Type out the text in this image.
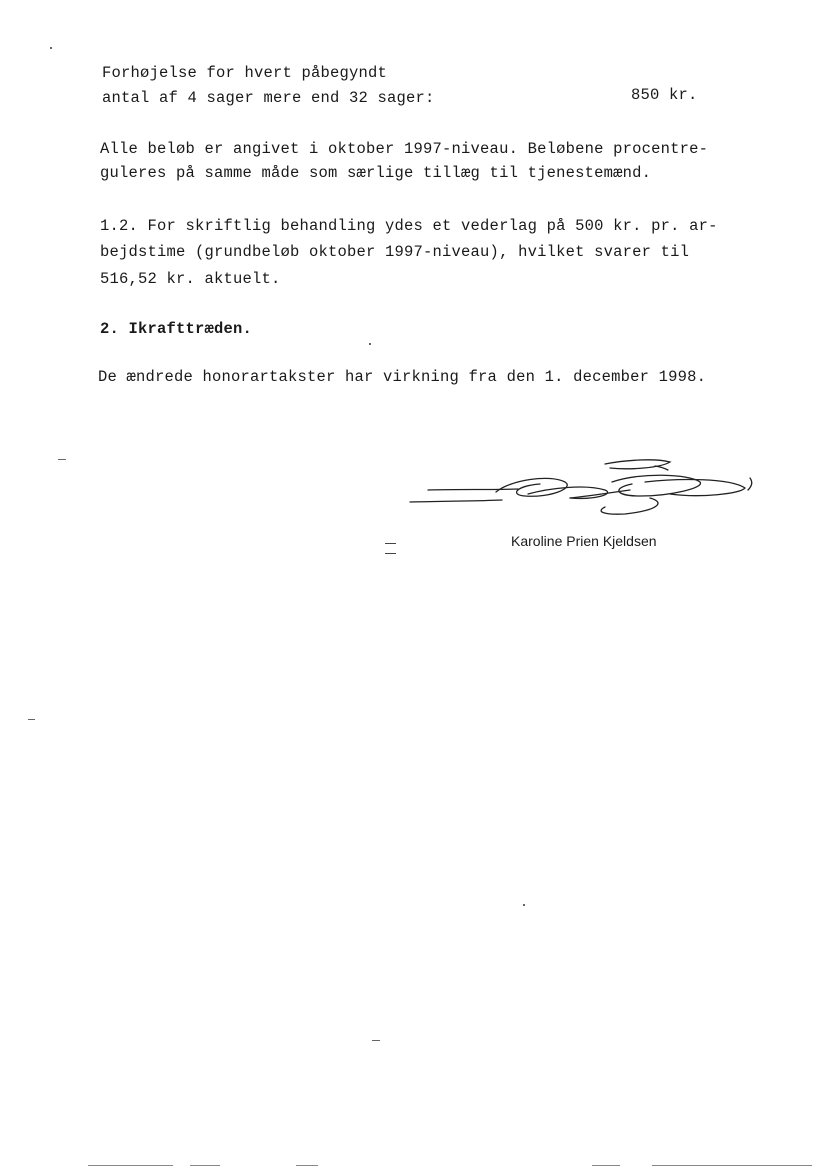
Forhøjelse for hvert påbegyndt
antal af 4 sager mere end 32 sager:	850 kr.
Alle beløb er angivet i oktober 1997-niveau. Beløbene procentre-
guleres på samme måde som særlige tillæg til tjenestemænd.
1.2. For skriftlig behandling ydes et vederlag på 500 kr. pr. ar-
bejdstime (grundbeløb oktober 1997-niveau), hvilket svarer til
516,52 kr. aktuelt.
2. Ikrafttræden.
De ændrede honorartakster har virkning fra den 1. december 1998.
Karoline Prien Kjeldsen
